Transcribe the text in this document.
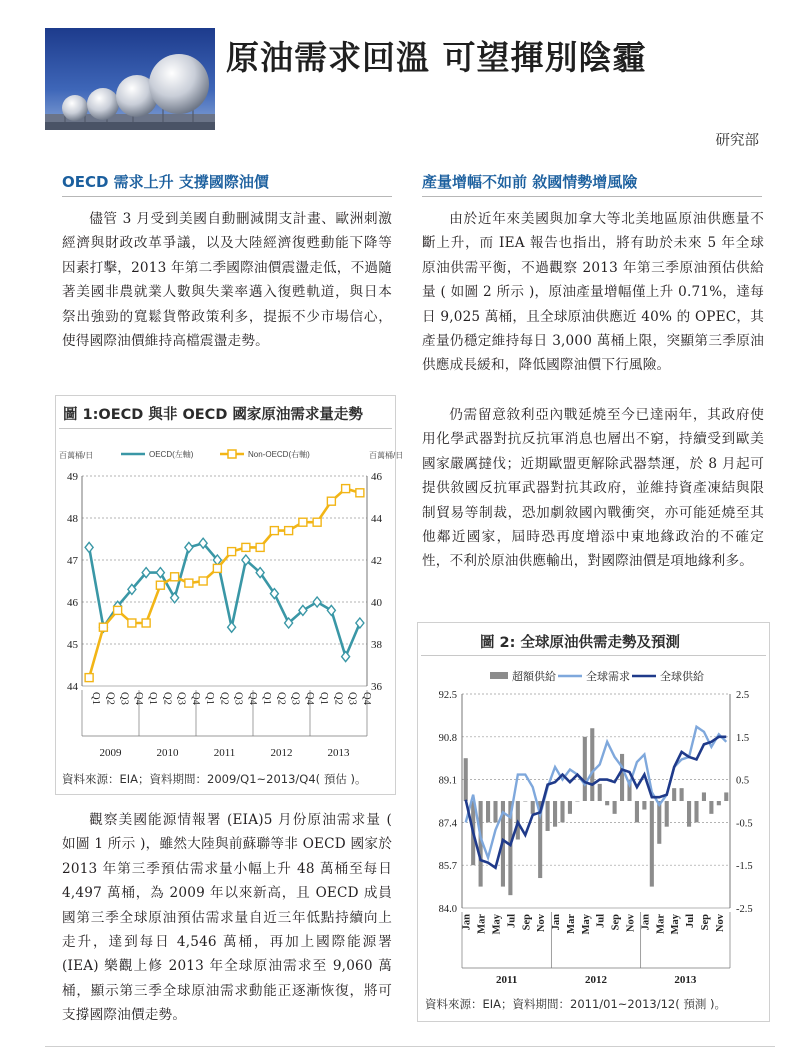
原油需求回溫 可望揮別陰霾
研究部
OECD 需求上升 支撐國際油價

儘管 3 月受到美國自動刪減開支計畫、歐洲刺激經濟與財政改革爭議，以及大陸經濟復甦動能下降等因素打擊，2013 年第二季國際油價震盪走低，不過隨著美國非農就業人數與失業率邁入復甦軌道，與日本祭出強勁的寬鬆貨幣政策利多，提振不少市場信心，使得國際油價維持高檔震盪走勢。

圖 1:OECD 與非 OECD 國家原油需求量走勢
百萬桶/日	百萬桶/日
OECD(左軸)	Non-OECD(右軸)
44
45
46
47
48
49
36
38
40
42
44
46
Q1 Q2 Q3 Q4 Q1 Q2 Q3 Q4 Q1 Q2 Q3 Q4 Q1 Q2 Q3 Q4 Q1 Q2 Q3 Q4
2009	2010	2011	2012	2013
資料來源：EIA；資料期間：2009/Q1~2013/Q4( 預估 )。

觀察美國能源情報署 (EIA)5 月份原油需求量 ( 如圖 1 所示 )，雖然大陸與前蘇聯等非 OECD 國家於 2013 年第三季預估需求量小幅上升 48 萬桶至每日 4,497 萬桶，為 2009 年以來新高，且 OECD 成員國第三季全球原油預估需求量自近三年低點持續向上走升，達到每日 4,546 萬桶，再加上國際能源署 (IEA) 樂觀上修 2013 年全球原油需求至 9,060 萬桶，顯示第三季全球原油需求動能正逐漸恢復，將可支撐國際油價走勢。

產量增幅不如前 敘國情勢增風險

由於近年來美國與加拿大等北美地區原油供應量不斷上升，而 IEA 報告也指出，將有助於未來 5 年全球原油供需平衡，不過觀察 2013 年第三季原油預估供給量 ( 如圖 2 所示 )，原油產量增幅僅上升 0.71%，達每日 9,025 萬桶，且全球原油供應近 40% 的 OPEC，其產量仍穩定維持每日 3,000 萬桶上限，突顯第三季原油供應成長緩和，降低國際油價下行風險。

仍需留意敘利亞內戰延燒至今已達兩年，其政府使用化學武器對抗反抗軍消息也層出不窮，持續受到歐美國家嚴厲撻伐；近期歐盟更解除武器禁運，於 8 月起可提供敘國反抗軍武器對抗其政府，並維持資產凍結與限制貿易等制裁，恐加劇敘國內戰衝突，亦可能延燒至其他鄰近國家，屆時恐再度增添中東地緣政治的不確定性，不利於原油供應輸出，對國際油價是項地緣利多。

圖 2: 全球原油供需走勢及預測
超額供給	全球需求	全球供給
84.0
85.7
87.4
89.1
90.8
92.5
-2.5
-1.5
-0.5
0.5
1.5
2.5
Jan Mar May Jul Sep Nov Jan Mar May Jul Sep Nov Jan Mar May Jul Sep Nov
2011	2012	2013
資料來源：EIA；資料期間：2011/01~2013/12( 預測 )。
